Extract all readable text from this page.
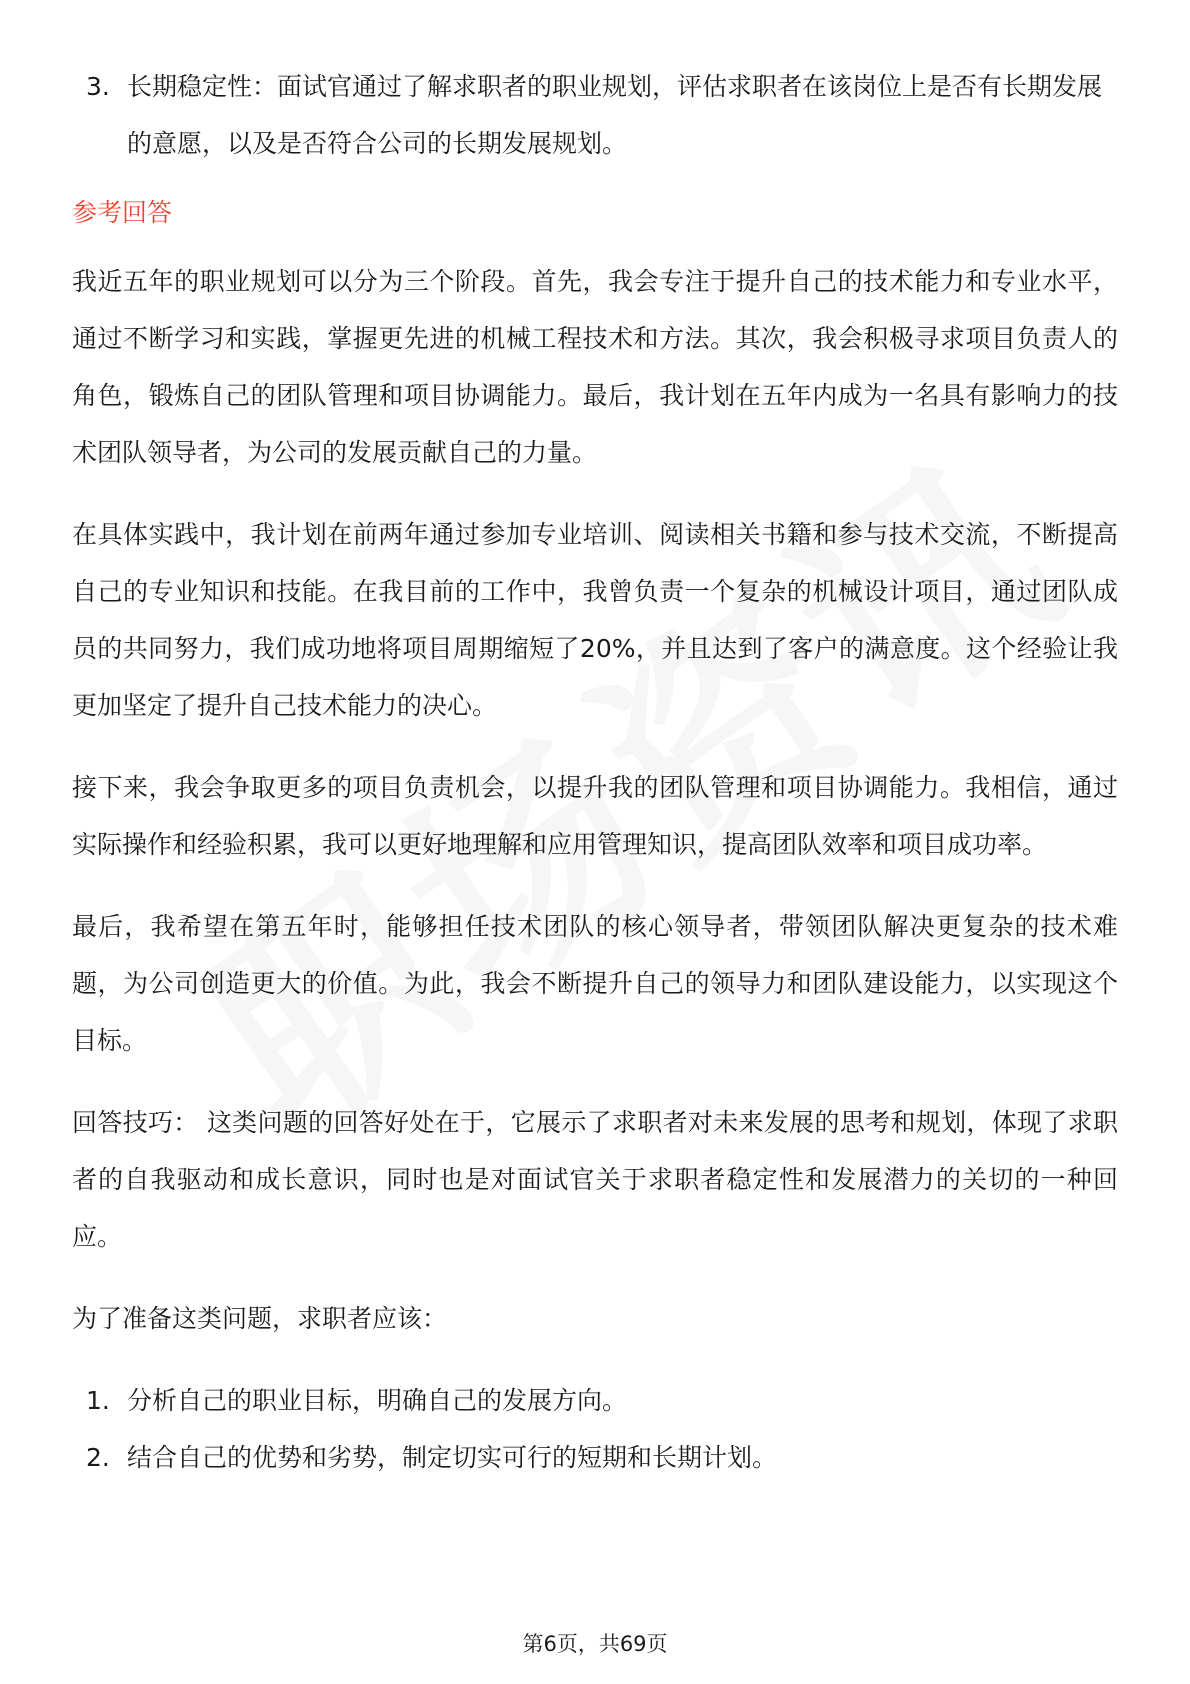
3. 长期稳定性：面试官通过了解求职者的职业规划，评估求职者在该岗位上是否有长期发展的意愿，以及是否符合公司的长期发展规划。
参考回答

我近五年的职业规划可以分为三个阶段。首先，我会专注于提升自己的技术能力和专业水平，通过不断学习和实践，掌握更先进的机械工程技术和方法。其次，我会积极寻求项目负责人的角色，锻炼自己的团队管理和项目协调能力。最后，我计划在五年内成为一名具有影响力的技术团队领导者，为公司的发展贡献自己的力量。

在具体实践中，我计划在前两年通过参加专业培训、阅读相关书籍和参与技术交流，不断提高自己的专业知识和技能。在我目前的工作中，我曾负责一个复杂的机械设计项目，通过团队成员的共同努力，我们成功地将项目周期缩短了20%，并且达到了客户的满意度。这个经验让我更加坚定了提升自己技术能力的决心。

接下来，我会争取更多的项目负责机会，以提升我的团队管理和项目协调能力。我相信，通过实际操作和经验积累，我可以更好地理解和应用管理知识，提高团队效率和项目成功率。

最后，我希望在第五年时，能够担任技术团队的核心领导者，带领团队解决更复杂的技术难题，为公司创造更大的价值。为此，我会不断提升自己的领导力和团队建设能力，以实现这个目标。

回答技巧： 这类问题的回答好处在于，它展示了求职者对未来发展的思考和规划，体现了求职者的自我驱动和成长意识，同时也是对面试官关于求职者稳定性和发展潜力的关切的一种回应。

为了准备这类问题，求职者应该：

1. 分析自己的职业目标，明确自己的发展方向。
2. 结合自己的优势和劣势，制定切实可行的短期和长期计划。
第6页，共69页
